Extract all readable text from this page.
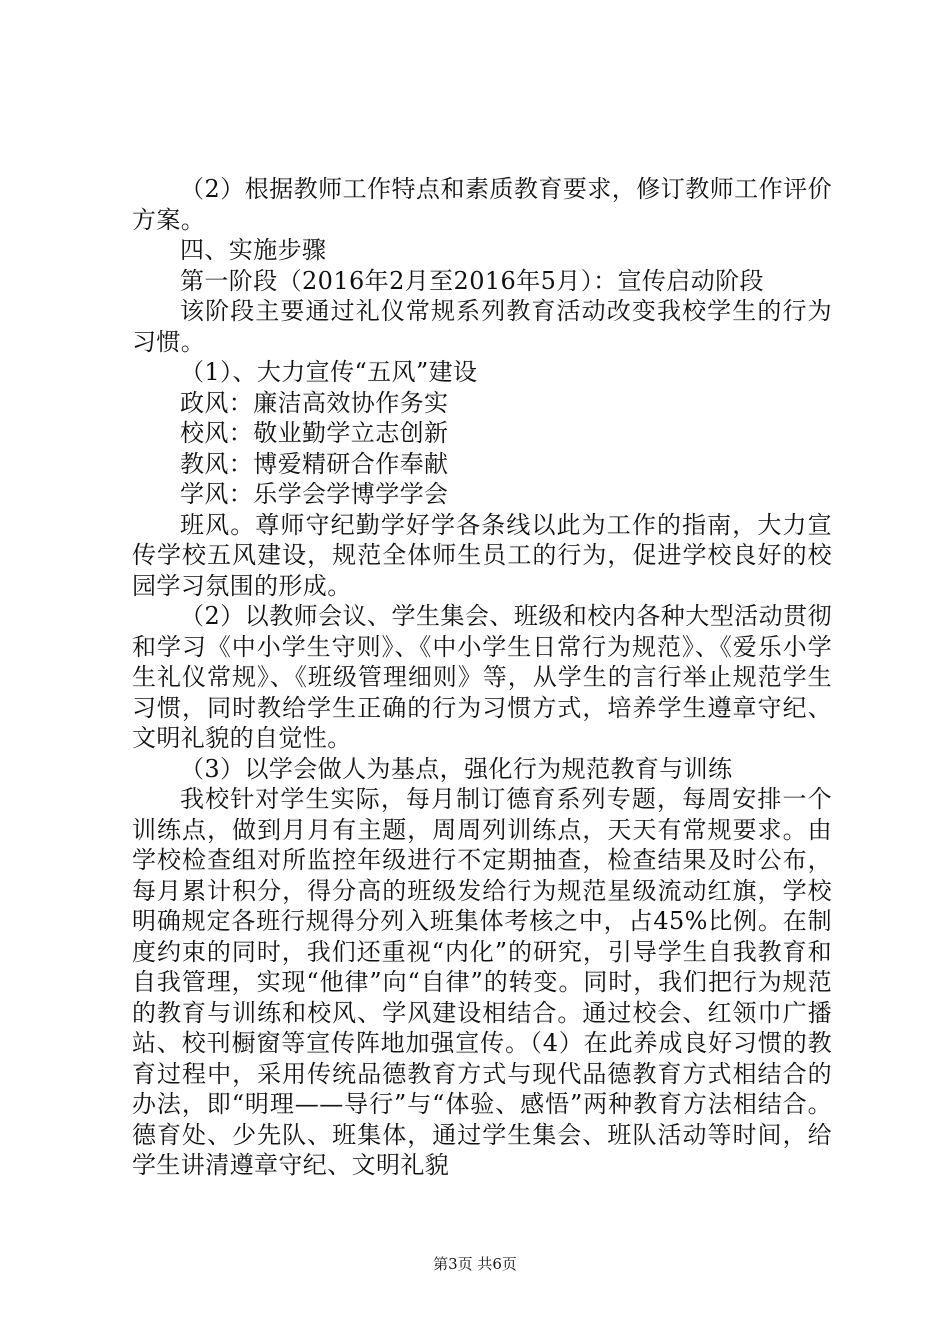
（2）根据教师工作特点和素质教育要求，修订教师工作评价方案。

四、实施步骤

第一阶段（2016年2月至2016年5月）：宣传启动阶段

该阶段主要通过礼仪常规系列教育活动改变我校学生的行为习惯。

（1）、大力宣传“五风”建设

政风：廉洁高效协作务实

校风：敬业勤学立志创新

教风：博爱精研合作奉献

学风：乐学会学博学学会

班风。尊师守纪勤学好学各条线以此为工作的指南，大力宣传学校五风建设，规范全体师生员工的行为，促进学校良好的校园学习氛围的形成。

（2）以教师会议、学生集会、班级和校内各种大型活动贯彻和学习《中小学生守则》、《中小学生日常行为规范》、《爱乐小学生礼仪常规》、《班级管理细则》等，从学生的言行举止规范学生习惯，同时教给学生正确的行为习惯方式，培养学生遵章守纪、文明礼貌的自觉性。

（3）以学会做人为基点，强化行为规范教育与训练

我校针对学生实际，每月制订德育系列专题，每周安排一个训练点，做到月月有主题，周周列训练点，天天有常规要求。由学校检查组对所监控年级进行不定期抽查，检查结果及时公布，每月累计积分，得分高的班级发给行为规范星级流动红旗，学校明确规定各班行规得分列入班集体考核之中，占45%比例。在制度约束的同时，我们还重视“内化”的研究，引导学生自我教育和自我管理，实现“他律”向“自律”的转变。同时，我们把行为规范的教育与训练和校风、学风建设相结合。通过校会、红领巾广播站、校刊橱窗等宣传阵地加强宣传。（4）在此养成良好习惯的教育过程中，采用传统品德教育方式与现代品德教育方式相结合的办法，即“明理——导行”与“体验、感悟”两种教育方法相结合。德育处、少先队、班集体，通过学生集会、班队活动等时间，给学生讲清遵章守纪、文明礼貌

第3页 共6页
